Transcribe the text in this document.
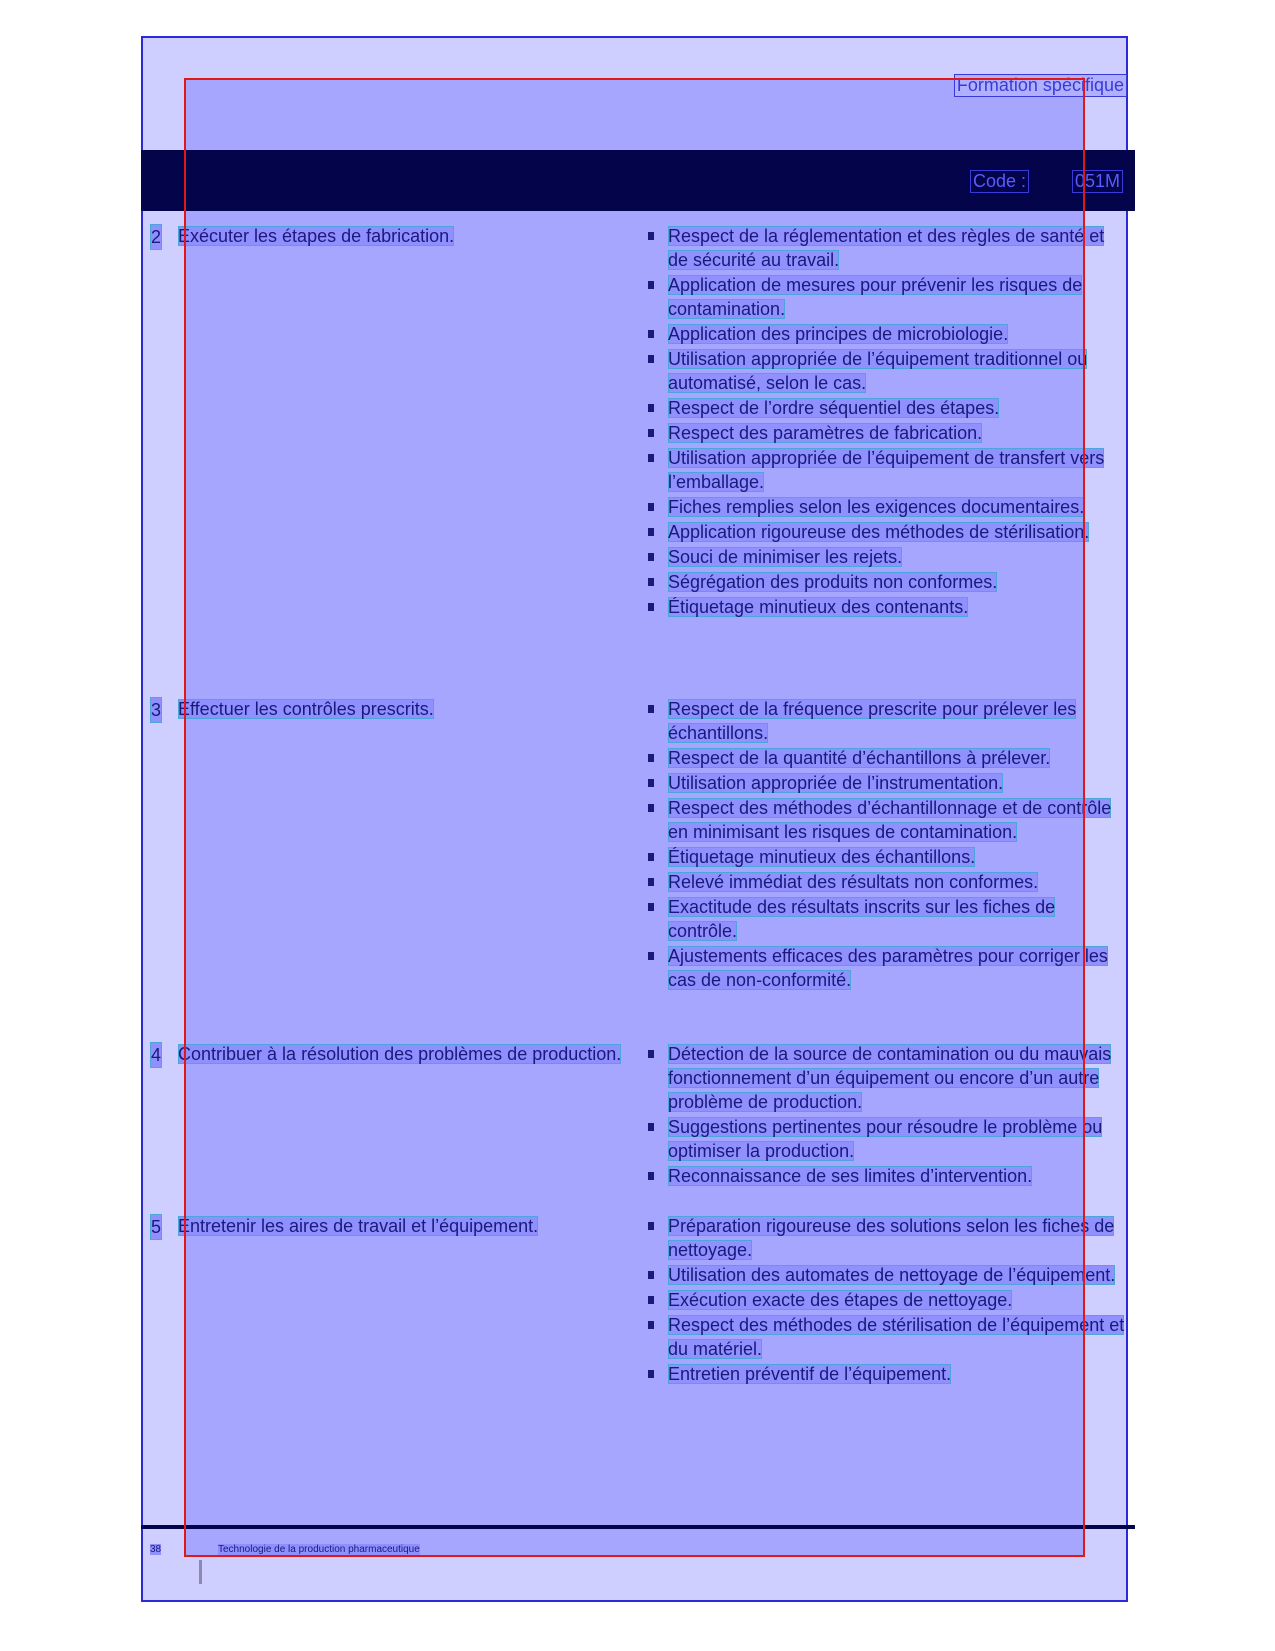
Formation spécifique
Code :	051M
2 Exécuter les étapes de fabrication.	Respect de la réglementation et des règles de santé et de sécurité au travail.
Application de mesures pour prévenir les risques de contamination.
Application des principes de microbiologie.
Utilisation appropriée de l’équipement traditionnel ou automatisé, selon le cas.
Respect de l’ordre séquentiel des étapes.
Respect des paramètres de fabrication.
Utilisation appropriée de l’équipement de transfert vers l’emballage.
Fiches remplies selon les exigences documentaires.
Application rigoureuse des méthodes de stérilisation.
Souci de minimiser les rejets.
Ségrégation des produits non conformes.
Étiquetage minutieux des contenants.
3 Effectuer les contrôles prescrits.	Respect de la fréquence prescrite pour prélever les échantillons.
Respect de la quantité d’échantillons à prélever.
Utilisation appropriée de l’instrumentation.
Respect des méthodes d’échantillonnage et de contrôle en minimisant les risques de contamination.
Étiquetage minutieux des échantillons.
Relevé immédiat des résultats non conformes.
Exactitude des résultats inscrits sur les fiches de contrôle.
Ajustements efficaces des paramètres pour corriger les cas de non-conformité.
4 Contribuer à la résolution des problèmes de production.	Détection de la source de contamination ou du mauvais fonctionnement d’un équipement ou encore d’un autre problème de production.
Suggestions pertinentes pour résoudre le problème ou optimiser la production.
Reconnaissance de ses limites d’intervention.
5 Entretenir les aires de travail et l’équipement.	Préparation rigoureuse des solutions selon les fiches de nettoyage.
Utilisation des automates de nettoyage de l’équipement.
Exécution exacte des étapes de nettoyage.
Respect des méthodes de stérilisation de l’équipement et du matériel.
Entretien préventif de l’équipement.
38	Technologie de la production pharmaceutique
